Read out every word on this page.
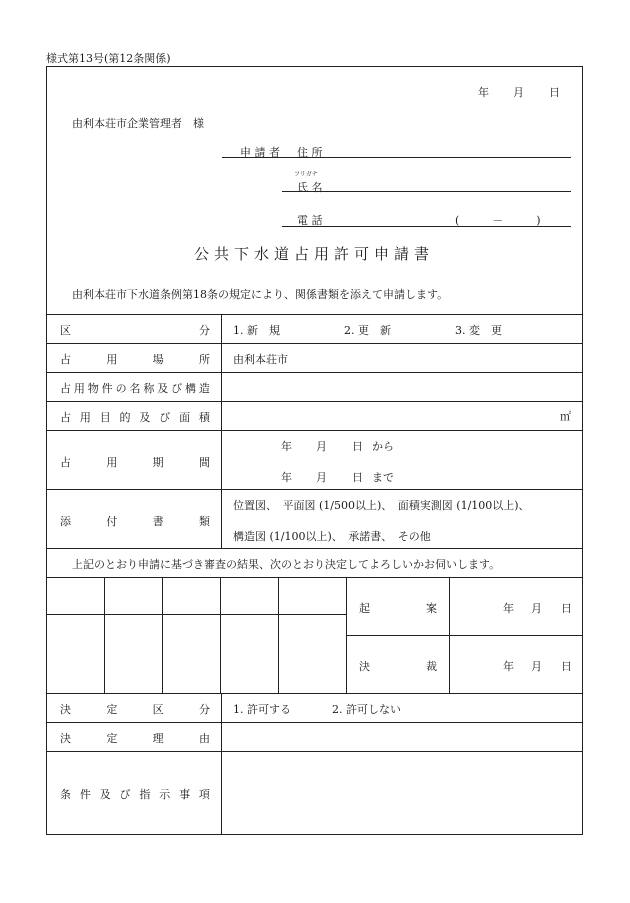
様式第13号(第12条関係)
年 月 日
由利本荘市企業管理者　様
申 請 者 住 所
フリガナ
氏 名
電 話	(　　　－　　　)
公共下水道占用許可申請書
由利本荘市下水道条例第18条の規定により、関係書類を添えて申請します。
区	分 1. 新　規	2. 更　新	3. 変　更
占	用	場	所 由利本荘市
占 用 物 件 の 名 称 及 び 構 造
占 用 目 的 及 び 面 積	㎡
占	用	期	間
年 月 日 から
年 月 日 まで
添	付	書	類
位置図、　平面図 (1/500以上)、　面積実測図 (1/100以上)、
構造図 (1/100以上)、　承諾書、　その他
上記のとおり申請に基づき審査の結果、次のとおり決定してよろしいかお伺いします。
起	案	年 月 日
決	裁	年 月 日
決	定	区	分 1. 許可する	2. 許可しない
決	定	理	由
条 件 及 び 指 示 事 項
